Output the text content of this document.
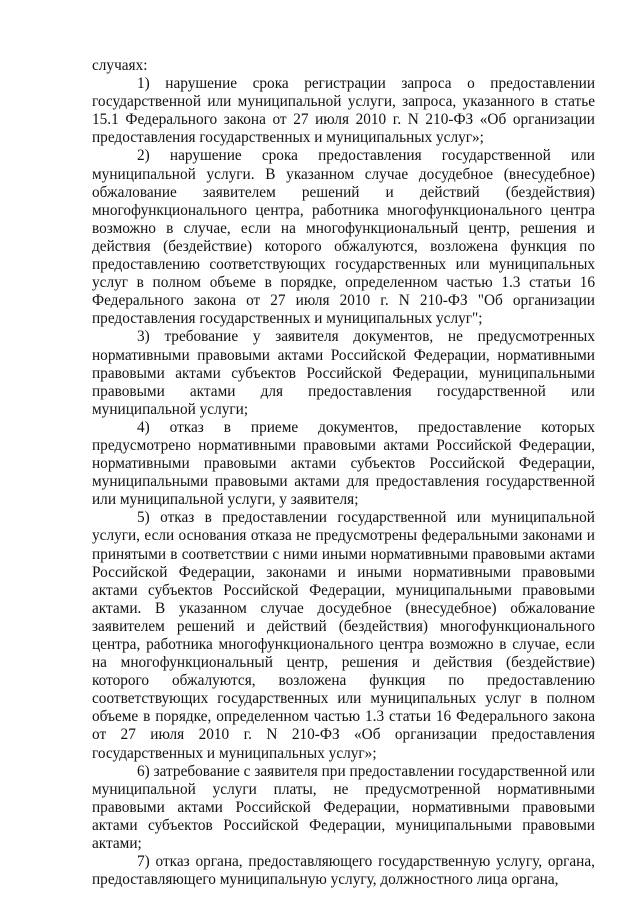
случаях:

1) нарушение срока регистрации запроса о предоставлении государственной или муниципальной услуги, запроса, указанного в статье 15.1 Федерального закона от 27 июля 2010 г. N 210-ФЗ «Об организации предоставления государственных и муниципальных услуг»;

2) нарушение срока предоставления государственной или муниципальной услуги. В указанном случае досудебное (внесудебное) обжалование заявителем решений и действий (бездействия) многофункционального центра, работника многофункционального центра возможно в случае, если на многофункциональный центр, решения и действия (бездействие) которого обжалуются, возложена функция по предоставлению соответствующих государственных или муниципальных услуг в полном объеме в порядке, определенном частью 1.3 статьи 16 Федерального закона от 27 июля 2010 г. N 210-ФЗ "Об организации предоставления государственных и муниципальных услуг";

3) требование у заявителя документов, не предусмотренных нормативными правовыми актами Российской Федерации, нормативными правовыми актами субъектов Российской Федерации, муниципальными правовыми актами для предоставления государственной или муниципальной услуги;

4) отказ в приеме документов, предоставление которых предусмотрено нормативными правовыми актами Российской Федерации, нормативными правовыми актами субъектов Российской Федерации, муниципальными правовыми актами для предоставления государственной или муниципальной услуги, у заявителя;

5) отказ в предоставлении государственной или муниципальной услуги, если основания отказа не предусмотрены федеральными законами и принятыми в соответствии с ними иными нормативными правовыми актами Российской Федерации, законами и иными нормативными правовыми актами субъектов Российской Федерации, муниципальными правовыми актами. В указанном случае досудебное (внесудебное) обжалование заявителем решений и действий (бездействия) многофункционального центра, работника многофункционального центра возможно в случае, если на многофункциональный центр, решения и действия (бездействие) которого обжалуются, возложена функция по предоставлению соответствующих государственных или муниципальных услуг в полном объеме в порядке, определенном частью 1.3 статьи 16 Федерального закона от 27 июля 2010 г. N 210-ФЗ «Об организации предоставления государственных и муниципальных услуг»;

6) затребование с заявителя при предоставлении государственной или муниципальной услуги платы, не предусмотренной нормативными правовыми актами Российской Федерации, нормативными правовыми актами субъектов Российской Федерации, муниципальными правовыми актами;

7) отказ органа, предоставляющего государственную услугу, органа, предоставляющего муниципальную услугу, должностного лица органа,
